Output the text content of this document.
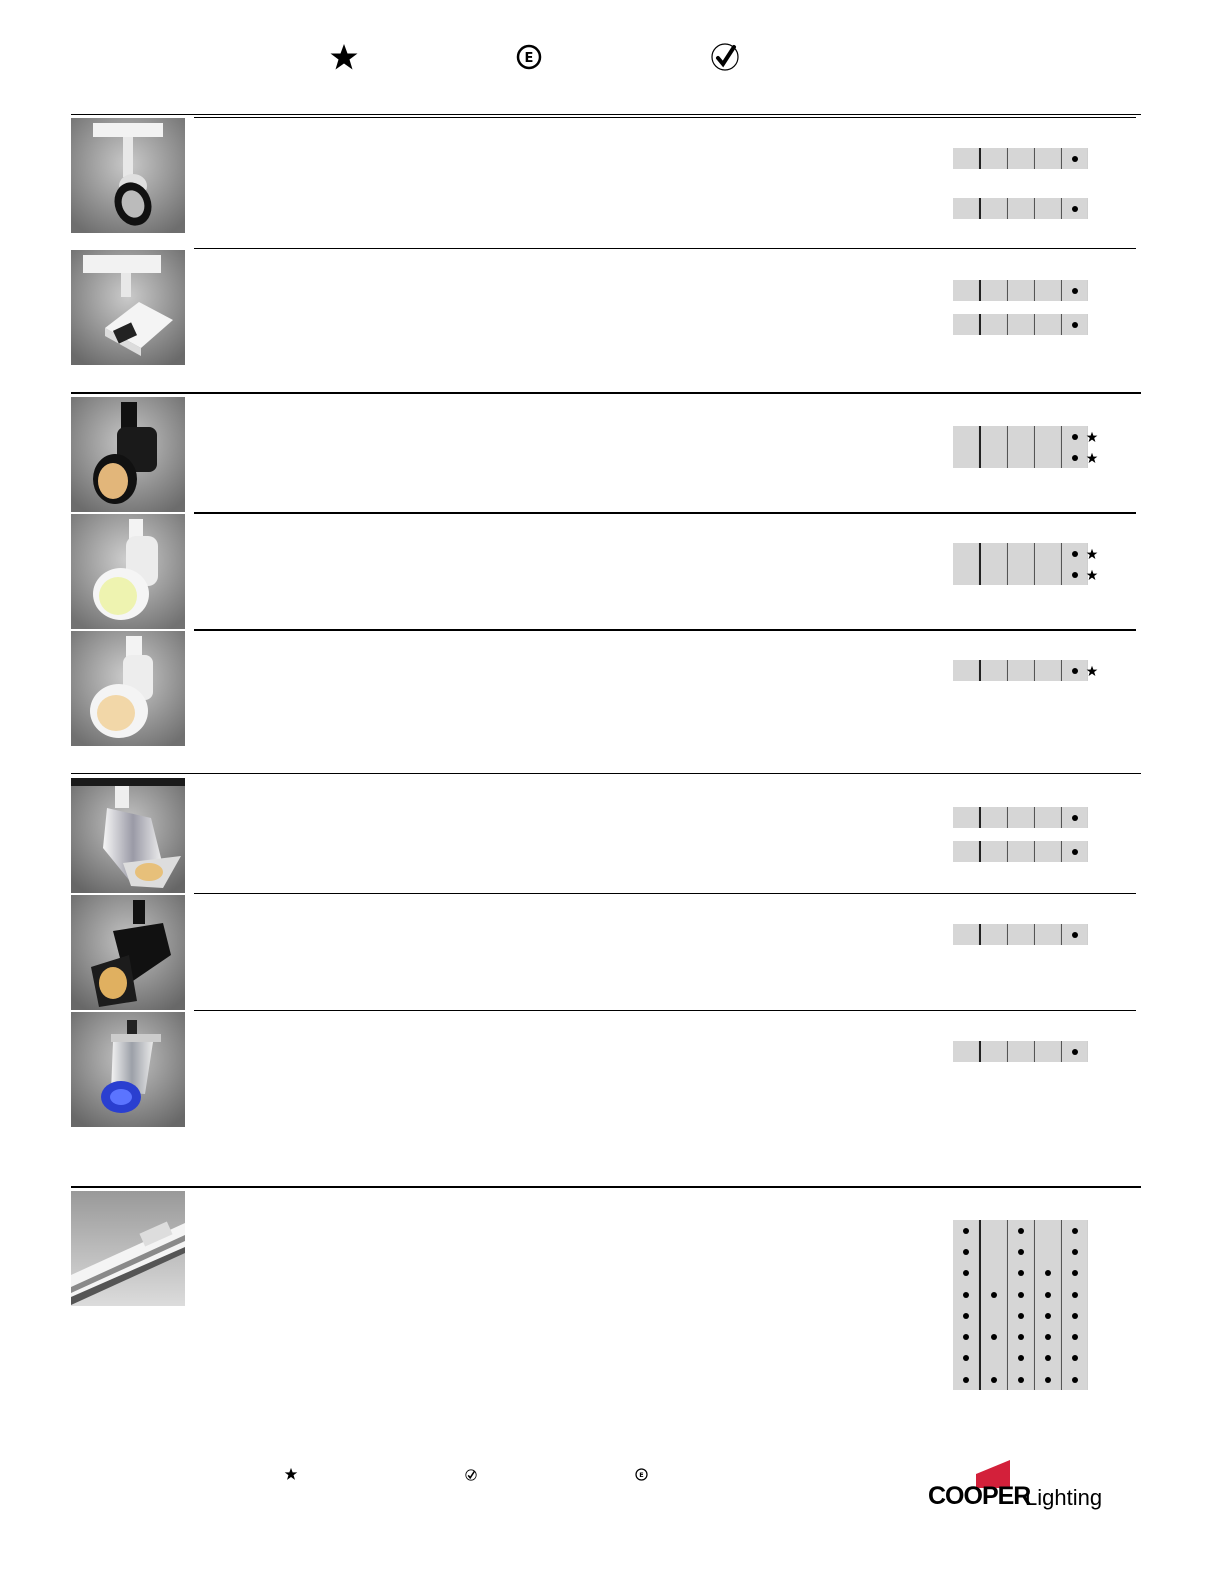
E
E
COOPER
Lighting
